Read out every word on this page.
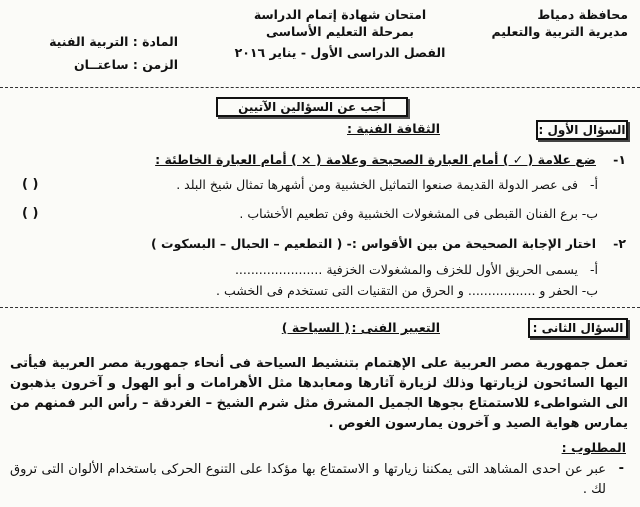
محافظة دمياط
مديرية التربية والتعليم
امتحان شهادة إتمام الدراسة
بمرحلة التعليم الأساسى
الفصل الدراسى الأول - يناير ٢٠١٦
المادة : التربية الفنية
الزمن : ساعتــان
أجب عن السؤالين الآتيين
السؤال الأول :
الثقافة الفنية :
١-
ضع علامة ( ✓ ) أمام العبارة الصحيحة وعلامة ( × ) أمام العبارة الخاطئة :
أ-
فى عصر الدولة القديمة صنعوا التماثيل الخشبية ومن أشهرها تمثال شيخ البلد .
( )
ب-
برع الفنان القبطى فى المشغولات الخشبية وفن تطعيم الأخشاب .
( )
٢-
اختار الإجابة الصحيحة من بين الأقواس :- ( التطعيم – الحبال – البسكوت )
أ-
يسمى الحريق الأول للخزف والمشغولات الخزفية ......................
ب-
الحفر و ................. و الحرق من التقنيات التى تستخدم فى الخشب .
السؤال الثانى :
التعبير الفنى :
( السياحة )
تعمل جمهورية مصر العربية على الإهتمام بتنشيط السياحة فى أنحاء جمهورية مصر العربية فيأتى اليها السائحون لزيارتها وذلك لزيارة آثارها ومعابدها مثل الأهرامات و أبو الهول و آخرون يذهبون الى الشواطىء للاستمتاع بجوها الجميل المشرق مثل شرم الشيخ – الغردقة – رأس البر فمنهم من يمارس هواية الصيد و آخرون يمارسون الغوص .
المطلوب :
-
عبر عن احدى المشاهد التى يمكننا زيارتها و الاستمتاع بها مؤكدا على التنوع الحركى باستخدام الألوان التى تروق لك .
